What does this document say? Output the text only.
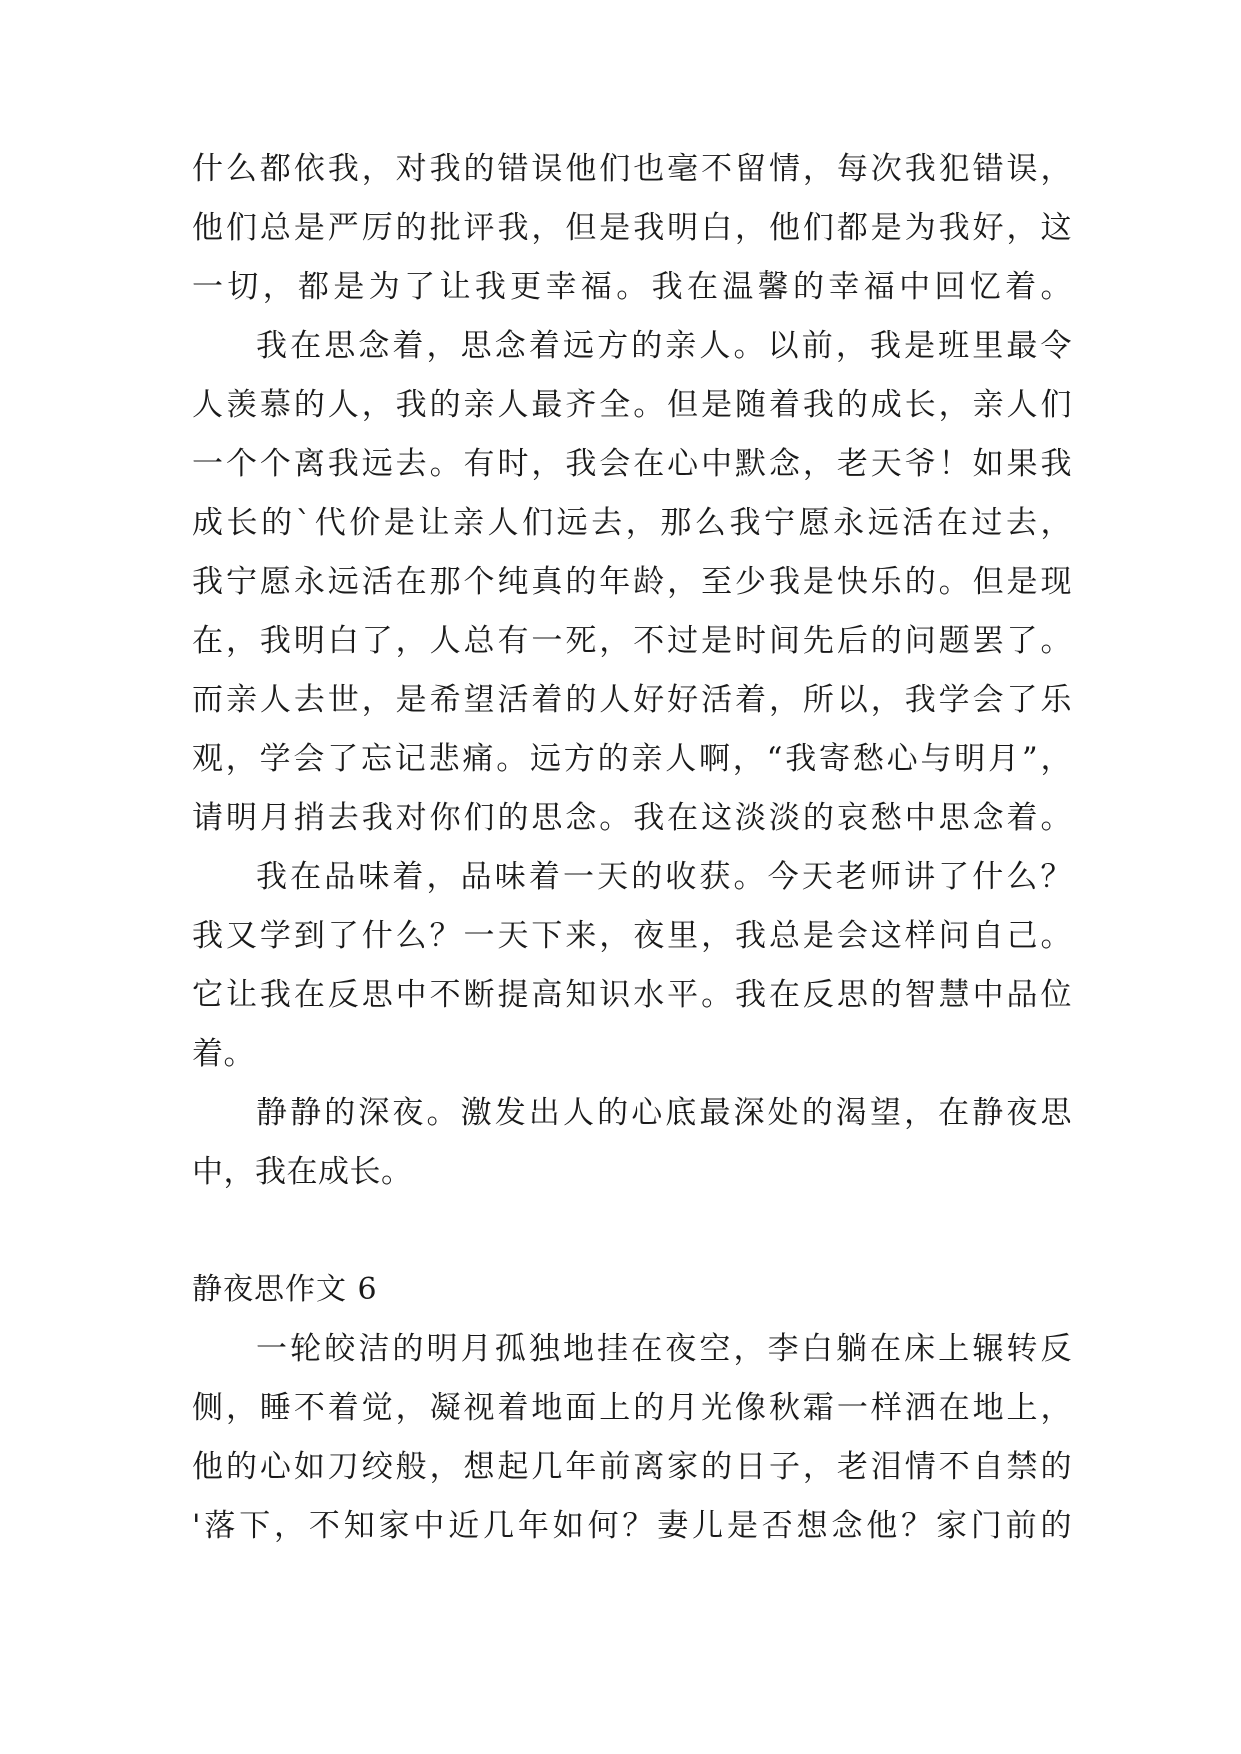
什么都依我，对我的错误他们也毫不留情，每次我犯错误，
他们总是严厉的批评我，但是我明白，他们都是为我好，这
一切，都是为了让我更幸福。我在温馨的幸福中回忆着。
我在思念着，思念着远方的亲人。以前，我是班里最令
人羡慕的人，我的亲人最齐全。但是随着我的成长，亲人们
一个个离我远去。有时，我会在心中默念，老天爷！如果我
成长的`代价是让亲人们远去，那么我宁愿永远活在过去，
我宁愿永远活在那个纯真的年龄，至少我是快乐的。但是现
在，我明白了，人总有一死，不过是时间先后的问题罢了。
而亲人去世，是希望活着的人好好活着，所以，我学会了乐
观，学会了忘记悲痛。远方的亲人啊，“我寄愁心与明月”，
请明月捎去我对你们的思念。我在这淡淡的哀愁中思念着。
我在品味着，品味着一天的收获。今天老师讲了什么？
我又学到了什么？一天下来，夜里，我总是会这样问自己。
它让我在反思中不断提高知识水平。我在反思的智慧中品位
着。
静静的深夜。激发出人的心底最深处的渴望，在静夜思
中，我在成长。
静夜思作文 6
一轮皎洁的明月孤独地挂在夜空，李白躺在床上辗转反
侧，睡不着觉，凝视着地面上的月光像秋霜一样洒在地上，
他的心如刀绞般，想起几年前离家的日子，老泪情不自禁的
'落下，不知家中近几年如何？妻儿是否想念他？家门前的
